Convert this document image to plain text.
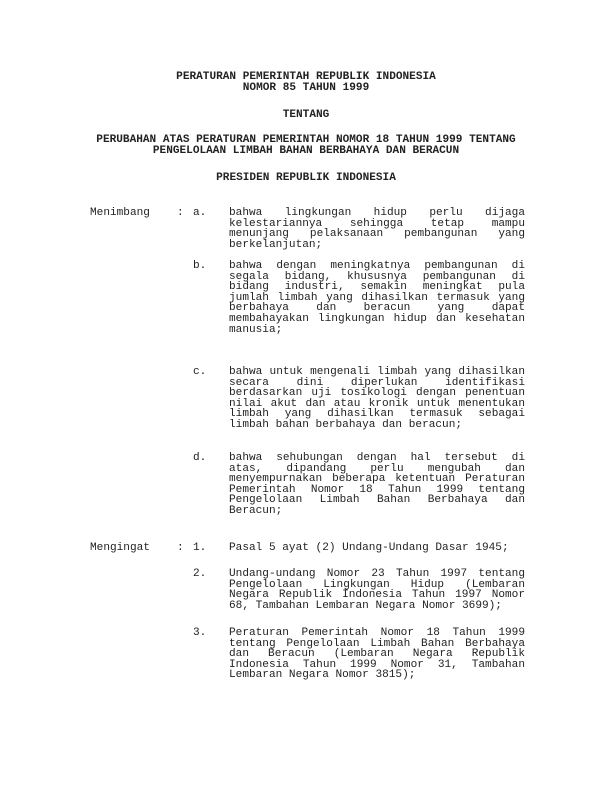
PERATURAN PEMERINTAH REPUBLIK INDONESIA
NOMOR 85 TAHUN 1999
TENTANG
PERUBAHAN ATAS PERATURAN PEMERINTAH NOMOR 18 TAHUN 1999 TENTANG
PENGELOLAAN LIMBAH BAHAN BERBAHAYA DAN BERACUN
PRESIDEN REPUBLIK INDONESIA
Menimbang : a. bahwa lingkungan hidup perlu dijaga
kelestariannya sehingga tetap mampu
menunjang pelaksanaan pembangunan yang
berkelanjutan;
b. bahwa dengan meningkatnya pembangunan di
segala bidang, khususnya pembangunan di
bidang industri, semakin meningkat pula
jumlah limbah yang dihasilkan termasuk yang
berbahaya dan beracun yang dapat
membahayakan lingkungan hidup dan kesehatan
manusia;
c. bahwa untuk mengenali limbah yang dihasilkan
secara dini diperlukan identifikasi
berdasarkan uji tosikologi dengan penentuan
nilai akut dan atau kronik untuk menentukan
limbah yang dihasilkan termasuk sebagai
limbah bahan berbahaya dan beracun;
d. bahwa sehubungan dengan hal tersebut di
atas, dipandang perlu mengubah dan
menyempurnakan beberapa ketentuan Peraturan
Pemerintah Nomor 18 Tahun 1999 tentang
Pengelolaan Limbah Bahan Berbahaya dan
Beracun;
Mengingat : 1. Pasal 5 ayat (2) Undang-Undang Dasar 1945;
2. Undang-undang Nomor 23 Tahun 1997 tentang
Pengelolaan Lingkungan Hidup (Lembaran
Negara Republik Indonesia Tahun 1997 Nomor
68, Tambahan Lembaran Negara Nomor 3699);
3. Peraturan Pemerintah Nomor 18 Tahun 1999
tentang Pengelolaan Limbah Bahan Berbahaya
dan Beracun (Lembaran Negara Republik
Indonesia Tahun 1999 Nomor 31, Tambahan
Lembaran Negara Nomor 3815);
